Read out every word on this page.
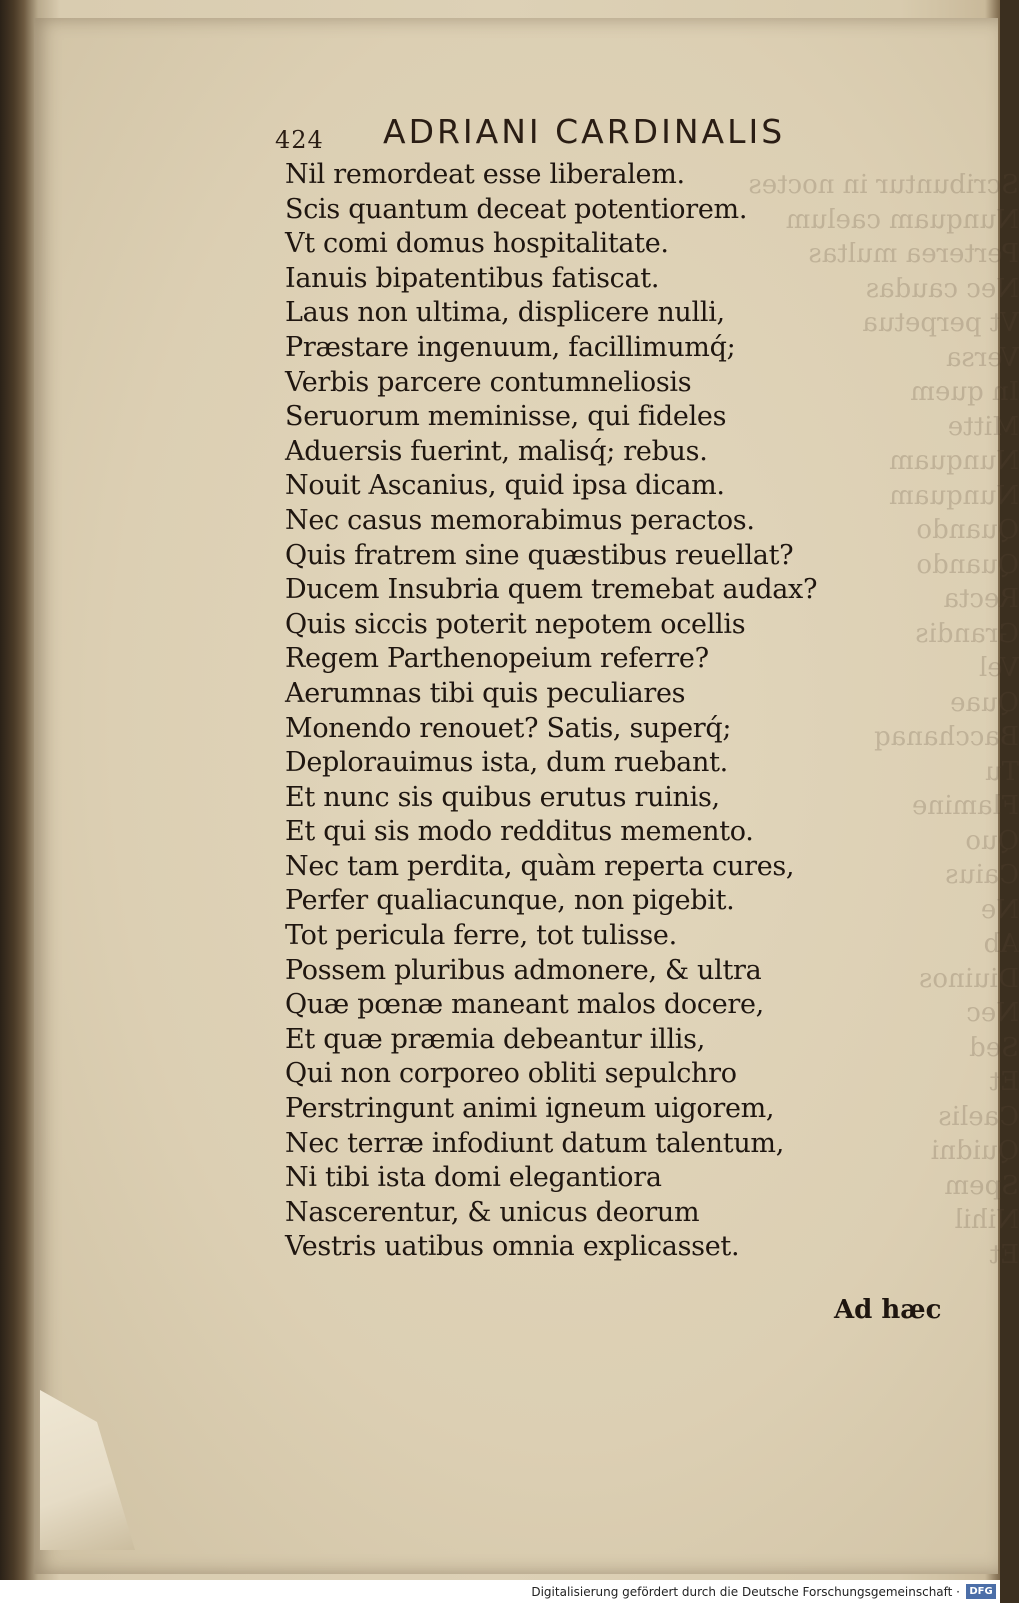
Scribuntur in noctes
Nunquam caelum
Perterea multas
Nec caudas
Vt perpetua
Versa
In quem
Mitte
Nunquam
Nunquam
Quando
Quando
Recta
Grandis
Vel
Quae
Bacchanaq
Tu
Flamine
Quo
Caius
Ne
Ab
Diuinos
Nec
Sed
Et
Caelis
Quidni
Spem
Nihil
Et
424 ADRIANI CARDINALIS
Nil remordeat esse liberalem.
Scis quantum deceat potentiorem.
Vt comi domus hospitalitate.
Ianuis bipatentibus fatiscat.
Laus non ultima, displicere nulli,
Præstare ingenuum, facillimumq́;
Verbis parcere contumneliosis
Seruorum meminisse, qui fideles
Aduersis fuerint, malisq́; rebus.
Nouit Ascanius, quid ipsa dicam.
Nec casus memorabimus peractos.
Quis fratrem sine quæstibus reuellat?
Ducem Insubria quem tremebat audax?
Quis siccis poterit nepotem ocellis
Regem Parthenopeium referre?
Aerumnas tibi quis peculiares
Monendo renouet? Satis, superq́;
Deplorauimus ista, dum ruebant.
Et nunc sis quibus erutus ruinis,
Et qui sis modo redditus memento.
Nec tam perdita, quàm reperta cures,
Perfer qualiacunque, non pigebit.
Tot pericula ferre, tot tulisse.
Possem pluribus admonere, & ultra
Quæ pœnæ maneant malos docere,
Et quæ præmia debeantur illis,
Qui non corporeo obliti sepulchro
Perstringunt animi igneum uigorem,
Nec terræ infodiunt datum talentum,
Ni tibi ista domi elegantiora
Nascerentur, & unicus deorum
Vestris uatibus omnia explicasset.
Ad hæc
Digitalisierung gefördert durch die Deutsche Forschungsgemeinschaft · DFG
